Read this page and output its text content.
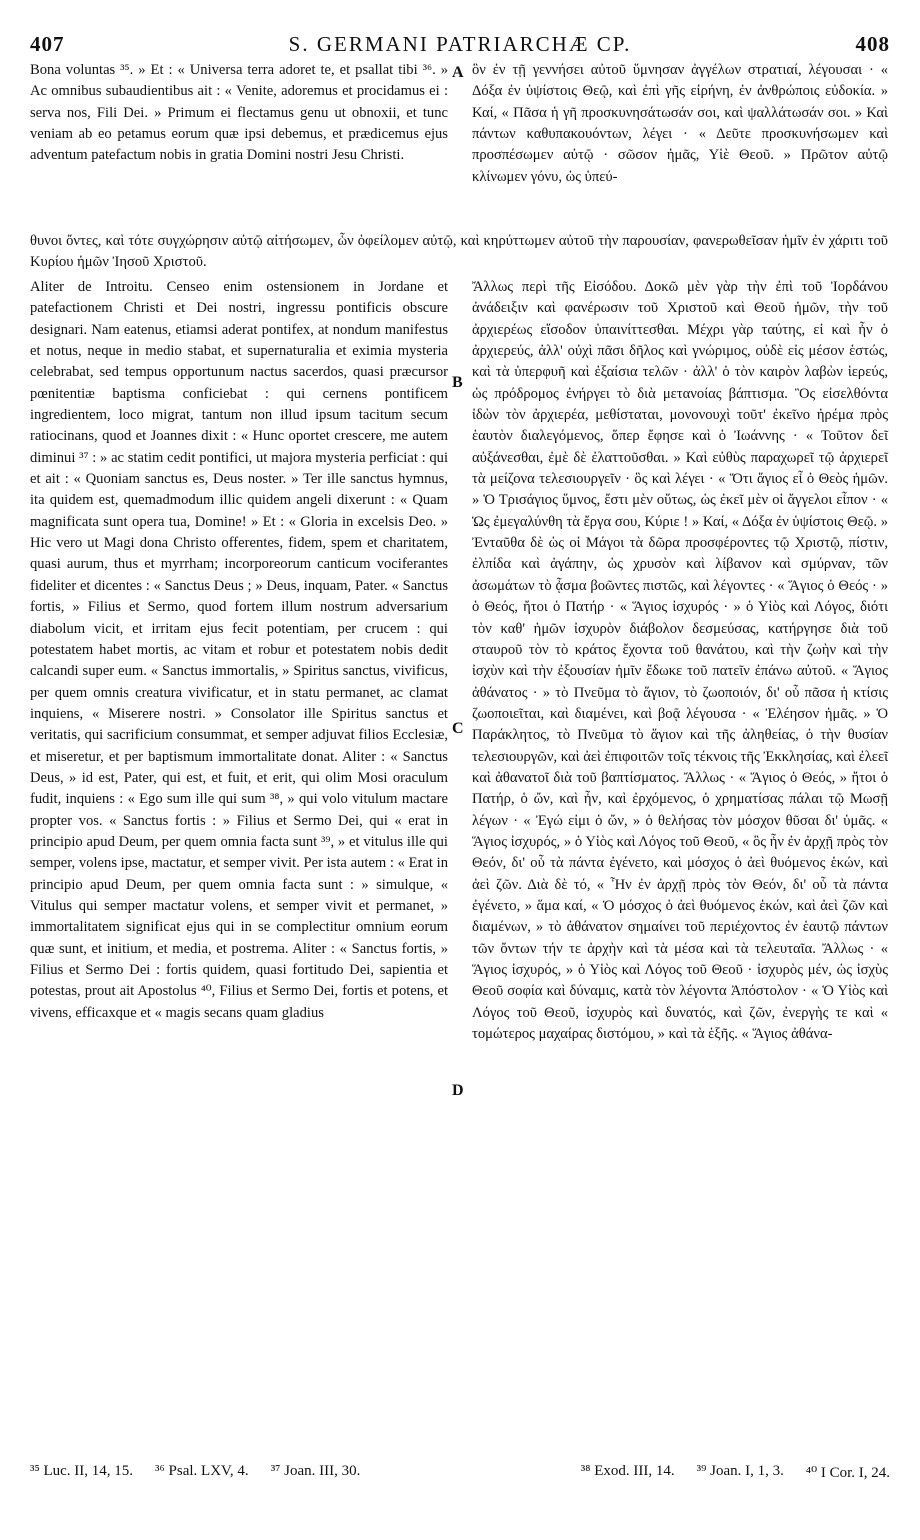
407	S. GERMANI PATRIARCHÆ CP.	408

Bona voluntas ³⁵. » Et : « Universa terra adoret te, et psallat tibi ³⁶. » Ac omnibus subaudientibus ait : « Venite, adoremus et procidamus ei : serva nos, Fili Dei. » Primum ei flectamus genu ut obnoxii, et tunc veniam ab eo petamus eorum quæ ipsi debemus, et prædicemus ejus adventum patefactum nobis in gratia Domini nostri Jesu Christi.

ὃν ἐν τῇ γεννήσει αὐτοῦ ὕμνησαν ἀγγέλων στρατιαί, λέγουσαι · « Δόξα ἐν ὑψίστοις Θεῷ, καὶ ἐπὶ γῆς εἰρήνη, ἐν ἀνθρώποις εὐδοκία. » Καί, « Πᾶσα ἡ γῆ προσκυνησάτωσάν σοι, καὶ ψαλλάτωσάν σοι. » Καὶ πάντων καθυπακουόντων, λέγει · « Δεῦτε προσκυνήσωμεν καὶ προσπέσωμεν αὐτῷ · σῶσον ἡμᾶς, Υἱὲ Θεοῦ. » Πρῶτον αὐτῷ κλίνωμεν γόνυ, ὡς ὑπεύ-

θυνοι ὄντες, καὶ τότε συγχώρησιν αὐτῷ αἰτήσωμεν, ὧν ὀφείλομεν αὐτῷ, καὶ κηρύττωμεν αὐτοῦ τὴν παρουσίαν, φανερωθεῖσαν ἡμῖν ἐν χάριτι τοῦ Κυρίου ἡμῶν Ἰησοῦ Χριστοῦ.

Aliter de Introitu. Censeo enim ostensionem in Jordane et patefactionem Christi et Dei nostri, ingressu pontificis obscure designari. Nam eatenus, etiamsi aderat pontifex, at nondum manifestus et notus, neque in medio stabat, et supernaturalia et eximia mysteria celebrabat, sed tempus opportunum nactus sacerdos, quasi præcursor pœnitentiæ baptisma conficiebat : qui cernens pontificem ingredientem, loco migrat, tantum non illud ipsum tacitum secum ratiocinans, quod et Joannes dixit : « Hunc oportet crescere, me autem diminui ³⁷ : » ac statim cedit pontifici, ut majora mysteria perficiat : qui et ait : « Quoniam sanctus es, Deus noster. » Ter ille sanctus hymnus, ita quidem est, quemadmodum illic quidem angeli dixerunt : « Quam magnificata sunt opera tua, Domine! » Et : « Gloria in excelsis Deo. » Hic vero ut Magi dona Christo offerentes, fidem, spem et charitatem, quasi aurum, thus et myrrham; incorporeorum canticum vociferantes fideliter et dicentes : « Sanctus Deus ; » Deus, inquam, Pater. « Sanctus fortis, » Filius et Sermo, quod fortem illum nostrum adversarium diabolum vicit, et irritam ejus fecit potentiam, per crucem : qui potestatem habet mortis, ac vitam et robur et potestatem nobis dedit calcandi super eum. « Sanctus immortalis, » Spiritus sanctus, vivificus, per quem omnis creatura vivificatur, et in statu permanet, ac clamat inquiens, « Miserere nostri. » Consolator ille Spiritus sanctus et veritatis, qui sacrificium consummat, et semper adjuvat filios Ecclesiæ, et miseretur, et per baptismum immortalitate donat. Aliter : « Sanctus Deus, » id est, Pater, qui est, et fuit, et erit, qui olim Mosi oraculum fudit, inquiens : « Ego sum ille qui sum ³⁸, » qui volo vitulum mactare propter vos. « Sanctus fortis : » Filius et Sermo Dei, qui « erat in principio apud Deum, per quem omnia facta sunt ³⁹, » et vitulus ille qui semper, volens ipse, mactatur, et semper vivit. Per ista autem : « Erat in principio apud Deum, per quem omnia facta sunt : » simulque, « Vitulus qui semper mactatur volens, et semper vivit et permanet, » immortalitatem significat ejus qui in se complectitur omnium eorum quæ sunt, et initium, et media, et postrema. Aliter : « Sanctus fortis, » Filius et Sermo Dei : fortis quidem, quasi fortitudo Dei, sapientia et potestas, prout ait Apostolus ⁴⁰, Filius et Sermo Dei, fortis et potens, et vivens, efficaxque et « magis secans quam gladius

Ἄλλως περὶ τῆς Εἰσόδου. Δοκῶ μὲν γὰρ τὴν ἐπὶ τοῦ Ἰορδάνου ἀνάδειξιν καὶ φανέρωσιν τοῦ Χριστοῦ καὶ Θεοῦ ἡμῶν, τὴν τοῦ ἀρχιερέως εἴσοδον ὑπαινίττεσθαι. Μέχρι γὰρ ταύτης, εἰ καὶ ἦν ὁ ἀρχιερεύς, ἀλλ' οὐχὶ πᾶσι δῆλος καὶ γνώριμος, οὐδὲ εἰς μέσον ἑστώς, καὶ τὰ ὑπερφυῆ καὶ ἐξαίσια τελῶν · ἀλλ' ὁ τὸν καιρὸν λαβὼν ἱερεύς, ὡς πρόδρομος ἐνήργει τὸ διὰ μετανοίας βάπτισμα. Ὃς εἰσελθόντα ἰδὼν τὸν ἀρχιερέα, μεθίσταται, μονονουχὶ τοῦτ' ἐκεῖνο ἠρέμα πρὸς ἑαυτὸν διαλεγόμενος, ὅπερ ἔφησε καὶ ὁ Ἰωάννης · « Τοῦτον δεῖ αὐξάνεσθαι, ἐμὲ δὲ ἐλαττοῦσθαι. » Καὶ εὐθὺς παραχωρεῖ τῷ ἀρχιερεῖ τὰ μείζονα τελεσιουργεῖν · ὃς καὶ λέγει · « Ὅτι ἅγιος εἶ ὁ Θεὸς ἡμῶν. » Ὁ Τρισάγιος ὕμνος, ἔστι μὲν οὕτως, ὡς ἐκεῖ μὲν οἱ ἄγγελοι εἶπον · « Ὡς ἐμεγαλύνθη τὰ ἔργα σου, Κύριε ! » Καί, « Δόξα ἐν ὑψίστοις Θεῷ. » Ἐνταῦθα δὲ ὡς οἱ Μάγοι τὰ δῶρα προσφέροντες τῷ Χριστῷ, πίστιν, ἐλπίδα καὶ ἀγάπην, ὡς χρυσὸν καὶ λίβανον καὶ σμύρναν, τῶν ἀσωμάτων τὸ ᾆσμα βοῶντες πιστῶς, καὶ λέγοντες · « Ἅγιος ὁ Θεός · » ὁ Θεός, ἤτοι ὁ Πατήρ · « Ἅγιος ἰσχυρός · » ὁ Υἱὸς καὶ Λόγος, διότι τὸν καθ' ἡμῶν ἰσχυρὸν διάβολον δεσμεύσας, κατήργησε διὰ τοῦ σταυροῦ τὸν τὸ κράτος ἔχοντα τοῦ θανάτου, καὶ τὴν ζωὴν καὶ τὴν ἰσχὺν καὶ τὴν ἐξουσίαν ἡμῖν ἔδωκε τοῦ πατεῖν ἐπάνω αὐτοῦ. « Ἅγιος ἀθάνατος · » τὸ Πνεῦμα τὸ ἅγιον, τὸ ζωοποιόν, δι' οὗ πᾶσα ἡ κτίσις ζωοποιεῖται, καὶ διαμένει, καὶ βοᾷ λέγουσα · « Ἐλέησον ἡμᾶς. » Ὁ Παράκλητος, τὸ Πνεῦμα τὸ ἅγιον καὶ τῆς ἀληθείας, ὁ τὴν θυσίαν τελεσιουργῶν, καὶ ἀεὶ ἐπιφοιτῶν τοῖς τέκνοις τῆς Ἐκκλησίας, καὶ ἐλεεῖ καὶ ἀθανατοῖ διὰ τοῦ βαπτίσματος. Ἄλλως · « Ἅγιος ὁ Θεός, » ἤτοι ὁ Πατήρ, ὁ ὤν, καὶ ἦν, καὶ ἐρχόμενος, ὁ χρηματίσας πάλαι τῷ Μωσῇ λέγων · « Ἐγώ εἰμι ὁ ὤν, » ὁ θελήσας τὸν μόσχον θῦσαι δι' ὑμᾶς. « Ἅγιος ἰσχυρός, » ὁ Υἱὸς καὶ Λόγος τοῦ Θεοῦ, « ὃς ἦν ἐν ἀρχῇ πρὸς τὸν Θεόν, δι' οὗ τὰ πάντα ἐγένετο, καὶ μόσχος ὁ ἀεὶ θυόμενος ἑκών, καὶ ἀεὶ ζῶν. Διὰ δὲ τό, « Ἦν ἐν ἀρχῇ πρὸς τὸν Θεόν, δι' οὗ τὰ πάντα ἐγένετο, » ἅμα καί, « Ὁ μόσχος ὁ ἀεὶ θυόμενος ἑκών, καὶ ἀεὶ ζῶν καὶ διαμένων, » τὸ ἀθάνατον σημαίνει τοῦ περιέχοντος ἐν ἑαυτῷ πάντων τῶν ὄντων τήν τε ἀρχὴν καὶ τὰ μέσα καὶ τὰ τελευταῖα. Ἄλλως · « Ἅγιος ἰσχυρός, » ὁ Υἱὸς καὶ Λόγος τοῦ Θεοῦ · ἰσχυρὸς μέν, ὡς ἰσχὺς Θεοῦ σοφία καὶ δύναμις, κατὰ τὸν λέγοντα Ἀπόστολον · « Ὁ Υἱὸς καὶ Λόγος τοῦ Θεοῦ, ἰσχυρὸς καὶ δυνατός, καὶ ζῶν, ἐνεργὴς τε καὶ « τομώτερος μαχαίρας διστόμου, » καὶ τὰ ἑξῆς. « Ἅγιος ἀθάνα-

A
B
C
D
³⁵ Luc. II, 14, 15. ³⁶ Psal. LXV, 4. ³⁷ Joan. III, 30.	³⁸ Exod. III, 14. ³⁹ Joan. I, 1, 3. ⁴⁰ I Cor. I, 24.
